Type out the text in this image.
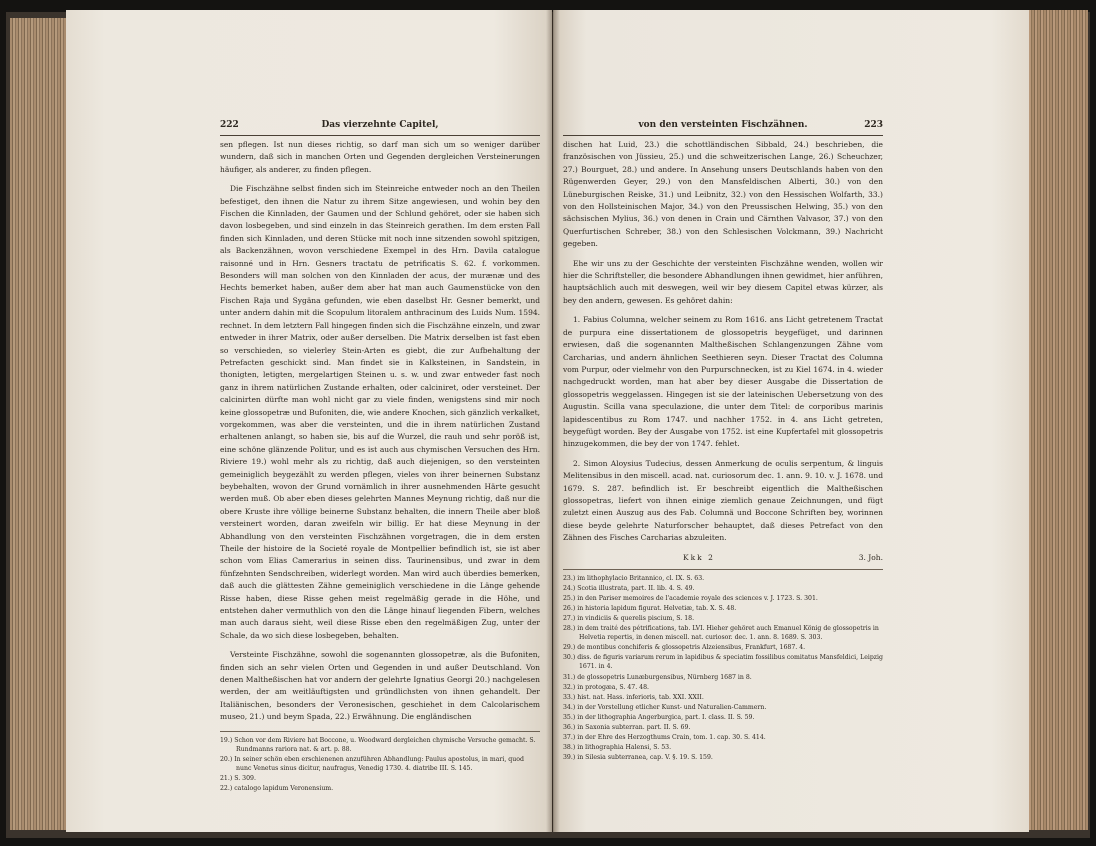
222	Das vierzehnte Capitel,

sen pflegen. Ist nun dieses richtig, so darf man sich um so weniger darüber wundern, daß sich in manchen Orten und Gegenden dergleichen Versteinerungen häufiger, als anderer, zu finden pflegen.

Die Fischzähne selbst finden sich im Steinreiche entweder noch an den Theilen befestiget, den ihnen die Natur zu ihrem Sitze angewiesen, und wohin bey den Fischen die Kinnladen, der Gaumen und der Schlund gehöret, oder sie haben sich davon losbegeben, und sind einzeln in das Steinreich gerathen. Im dem ersten Fall finden sich Kinnladen, und deren Stücke mit noch inne sitzenden sowohl spitzigen, als Backenzähnen, wovon verschiedene Exempel in des Hrn. Davila catalogue raisonné und in Hrn. Gesners tractatu de petrificatis S. 62. f. vorkommen. Besonders will man solchen von den Kinnladen der acus, der murænæ und des Hechts bemerket haben, außer dem aber hat man auch Gaumenstücke von den Fischen Raja und Sygäna gefunden, wie eben daselbst Hr. Gesner bemerkt, und unter andern dahin mit die Scopulum litoralem anthracinum des Luids Num. 1594. rechnet. In dem letztern Fall hingegen finden sich die Fischzähne einzeln, und zwar entweder in ihrer Matrix, oder außer derselben. Die Matrix derselben ist fast eben so verschieden, so vielerley Stein-Arten es giebt, die zur Aufbehaltung der Petrefacten geschickt sind. Man findet sie in Kalksteinen, in Sandstein, in thonigten, letigten, mergelartigen Steinen u. s. w. und zwar entweder fast noch ganz in ihrem natürlichen Zustande erhalten, oder calciniret, oder versteinet. Der calcinirten dürfte man wohl nicht gar zu viele finden, wenigstens sind mir noch keine glossopetræ und Bufoniten, die, wie andere Knochen, sich gänzlich verkalket, vorgekommen, was aber die versteinten, und die in ihrem natürlichen Zustand erhaltenen anlangt, so haben sie, bis auf die Wurzel, die rauh und sehr poröß ist, eine schöne glänzende Politur, und es ist auch aus chymischen Versuchen des Hrn. Riviere 19.) wohl mehr als zu richtig, daß auch diejenigen, so den versteinten gemeiniglich beygezählt zu werden pflegen, vieles von ihrer beinernen Substanz beybehalten, wovon der Grund vornämlich in ihrer ausnehmenden Härte gesucht werden muß. Ob aber eben dieses gelehrten Mannes Meynung richtig, daß nur die obere Kruste ihre völlige beinerne Substanz behalten, die innern Theile aber bloß versteinert worden, daran zweifeln wir billig. Er hat diese Meynung in der Abhandlung von den versteinten Fischzähnen vorgetragen, die in dem ersten Theile der histoire de la Societé royale de Montpellier befindlich ist, sie ist aber schon vom Elias Camerarius in seinen diss. Taurinensibus, und zwar in dem fünfzehnten Sendschreiben, widerlegt worden. Man wird auch überdies bemerken, daß auch die glättesten Zähne gemeiniglich verschiedene in die Länge gehende Risse haben, diese Risse gehen meist regelmäßig gerade in die Höhe, und entstehen daher vermuthlich von den die Länge hinauf liegenden Fibern, welches man auch daraus sieht, weil diese Risse eben den regelmäßigen Zug, unter der Schale, da wo sich diese losbegeben, behalten.

Versteinte Fischzähne, sowohl die sogenannten glossopetræ, als die Bufoniten, finden sich an sehr vielen Orten und Gegenden in und außer Deutschland. Von denen Maltheßischen hat vor andern der gelehrte Ignatius Georgi 20.) nachgelesen werden, der am weitläuftigsten und gründlichsten von ihnen gehandelt. Der Italiänischen, besonders der Veronesischen, geschiehet in dem Calcolarischem museo, 21.) und beym Spada, 22.) Erwähnung. Die engländischen

19.) Schon vor dem Riviere hat Boccone, u. Woodward dergleichen chymische Versuche gemacht. S. Rundmanns rariora nat. & art. p. 88.
20.) In seiner schön eben erschienenen anzuführen Abhandlung: Paulus apostolus, in mari, quod nunc Venetus sinus dicitur, naufragus, Venedig 1730. 4. diatribe III. S. 145.
21.) S. 309.
22.) catalogo lapidum Veronensium.
von den versteinten Fischzähnen.	223

dischen hat Luid, 23.) die schottländischen Sibbald, 24.) beschrieben, die französischen von Jüssieu, 25.) und die schweitzerischen Lange, 26.) Scheuchzer, 27.) Bourguet, 28.) und andere. In Ansehung unsers Deutschlands haben von den Rügenwerden Geyer, 29.) von den Mansfeldischen Alberti, 30.) von den Lüneburgischen Reiske, 31.) und Leibnitz, 32.) von den Hessischen Wolfarth, 33.) von den Hollsteinischen Major, 34.) von den Preussischen Helwing, 35.) von den sächsischen Mylius, 36.) von denen in Crain und Cärnthen Valvasor, 37.) von den Querfurtischen Schreber, 38.) von den Schlesischen Volckmann, 39.) Nachricht gegeben.

Ehe wir uns zu der Geschichte der versteinten Fischzähne wenden, wollen wir hier die Schriftsteller, die besondere Abhandlungen ihnen gewidmet, hier anführen, hauptsächlich auch mit deswegen, weil wir bey diesem Capitel etwas kürzer, als bey den andern, gewesen. Es gehöret dahin:

1. Fabius Columna, welcher seinem zu Rom 1616. ans Licht getretenem Tractat de purpura eine dissertationem de glossopetris beygefüget, und darinnen erwiesen, daß die sogenannten Maltheßischen Schlangenzungen Zähne vom Carcharias, und andern ähnlichen Seethieren seyn. Dieser Tractat des Columna vom Purpur, oder vielmehr von den Purpurschnecken, ist zu Kiel 1674. in 4. wieder nachgedruckt worden, man hat aber bey dieser Ausgabe die Dissertation de glossopetris weggelassen. Hingegen ist sie der lateinischen Uebersetzung von des Augustin. Scilla vana speculazione, die unter dem Titel: de corporibus marinis lapidescentibus zu Rom 1747. und nachher 1752. in 4. ans Licht getreten, beygefügt worden. Bey der Ausgabe von 1752. ist eine Kupfertafel mit glossopetris hinzugekommen, die bey der von 1747. fehlet.

2. Simon Aloysius Tudecius, dessen Anmerkung de oculis serpentum, & linguis Melitensibus in den miscell. acad. nat. curiosorum dec. 1. ann. 9. 10. v. J. 1678. und 1679. S. 287. befindlich ist. Er beschreibt eigentlich die Maltheßischen glossopetras, liefert von ihnen einige ziemlich genaue Zeichnungen, und fügt zuletzt einen Auszug aus des Fab. Columnä und Boccone Schriften bey, worinnen diese beyde gelehrte Naturforscher behauptet, daß dieses Petrefact von den Zähnen des Fisches Carcharias abzuleiten.

Kkk 2	3. Joh.
23.) im lithophylacio Britannico, cl. IX. S. 63.
24.) Scotia illustrata, part. II. lib. 4. S. 49.
25.) in den Pariser memoires de l'academie royale des sciences v. J. 1723. S. 301.
26.) in historia lapidum figurat. Helvetiæ, tab. X. S. 48.
27.) in vindiciis & querelis piscium, S. 18.
28.) in dem traité des pétrifications, tab. LVI. Hieher gehöret auch Emanuel König de glossopetris in Helvetia repertis, in denen miscell. nat. curiosor. dec. 1. ann. 8. 1689. S. 303.
29.) de montibus conchiferis & glossopetris Alzeiensibus, Frankfurt, 1687. 4.
30.) diss. de figuris variarum rerum in lapidibus & speciatim fossilibus comitatus Mansfeldici, Leipzig 1671. in 4.
31.) de glossopetris Lunæburgensibus, Nürnberg 1687 in 8.
32.) in protogæa, S. 47. 48.
33.) hist. nat. Hass. inferioris, tab. XXI. XXII.
34.) in der Vorstellung etlicher Kunst- und Naturalien-Cammern.
35.) in der lithographia Angerburgica, part. I. class. II. S. 59.
36.) in Saxonia subterran. part. II. S. 69.
37.) in der Ehre des Herzogthums Crain, tom. 1. cap. 30. S. 414.
38.) in lithographia Halensi, S. 53.
39.) in Silesia subterranea, cap. V. §. 19. S. 159.
